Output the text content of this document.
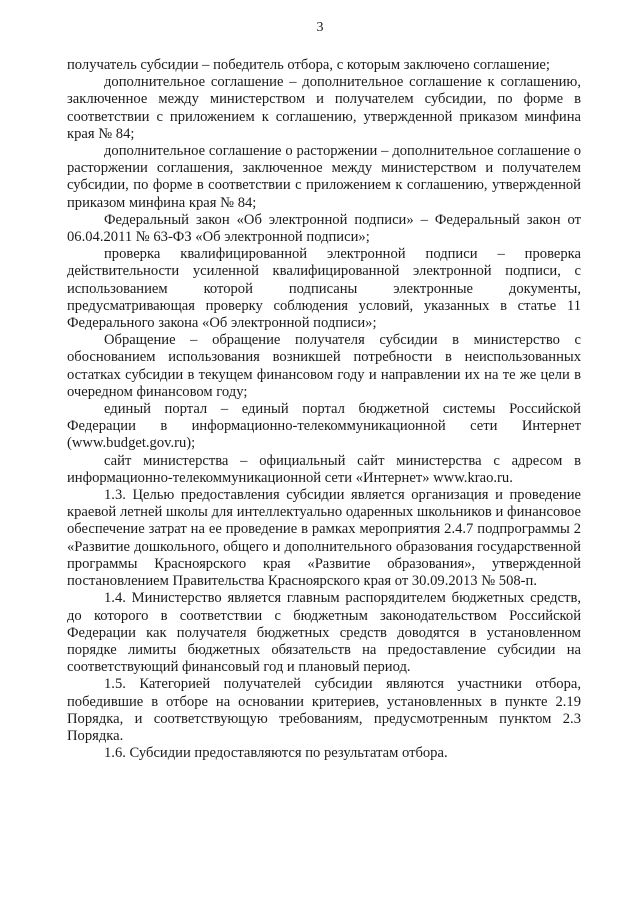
3

получатель субсидии – победитель отбора, с которым заключено соглашение;

дополнительное соглашение – дополнительное соглашение к соглашению, заключенное между министерством и получателем субсидии, по форме в соответствии с приложением к соглашению, утвержденной приказом минфина края № 84;

дополнительное соглашение о расторжении – дополнительное соглашение о расторжении соглашения, заключенное между министерством и получателем субсидии, по форме в соответствии с приложением к соглашению, утвержденной приказом минфина края № 84;

Федеральный закон «Об электронной подписи» – Федеральный закон от 06.04.2011 № 63-ФЗ «Об электронной подписи»;

проверка квалифицированной электронной подписи – проверка действительности усиленной квалифицированной электронной подписи, с использованием которой подписаны электронные документы, предусматривающая проверку соблюдения условий, указанных в статье 11 Федерального закона «Об электронной подписи»;

Обращение – обращение получателя субсидии в министерство с обоснованием использования возникшей потребности в неиспользованных остатках субсидии в текущем финансовом году и направлении их на те же цели в очередном финансовом году;

единый портал – единый портал бюджетной системы Российской Федерации в информационно-телекоммуникационной сети Интернет (www.budget.gov.ru);

сайт министерства – официальный сайт министерства с адресом в информационно-телекоммуникационной сети «Интернет» www.krao.ru.

1.3. Целью предоставления субсидии является организация и проведение краевой летней школы для интеллектуально одаренных школьников и финансовое обеспечение затрат на ее проведение в рамках мероприятия 2.4.7 подпрограммы 2 «Развитие дошкольного, общего и дополнительного образования государственной программы Красноярского края «Развитие образования», утвержденной постановлением Правительства Красноярского края от 30.09.2013 № 508-п.

1.4. Министерство является главным распорядителем бюджетных средств, до которого в соответствии с бюджетным законодательством Российской Федерации как получателя бюджетных средств доводятся в установленном порядке лимиты бюджетных обязательств на предоставление субсидии на соответствующий финансовый год и плановый период.

1.5. Категорией получателей субсидии являются участники отбора, победившие в отборе на основании критериев, установленных в пункте 2.19 Порядка, и соответствующую требованиям, предусмотренным пунктом 2.3 Порядка.

1.6. Субсидии предоставляются по результатам отбора.
